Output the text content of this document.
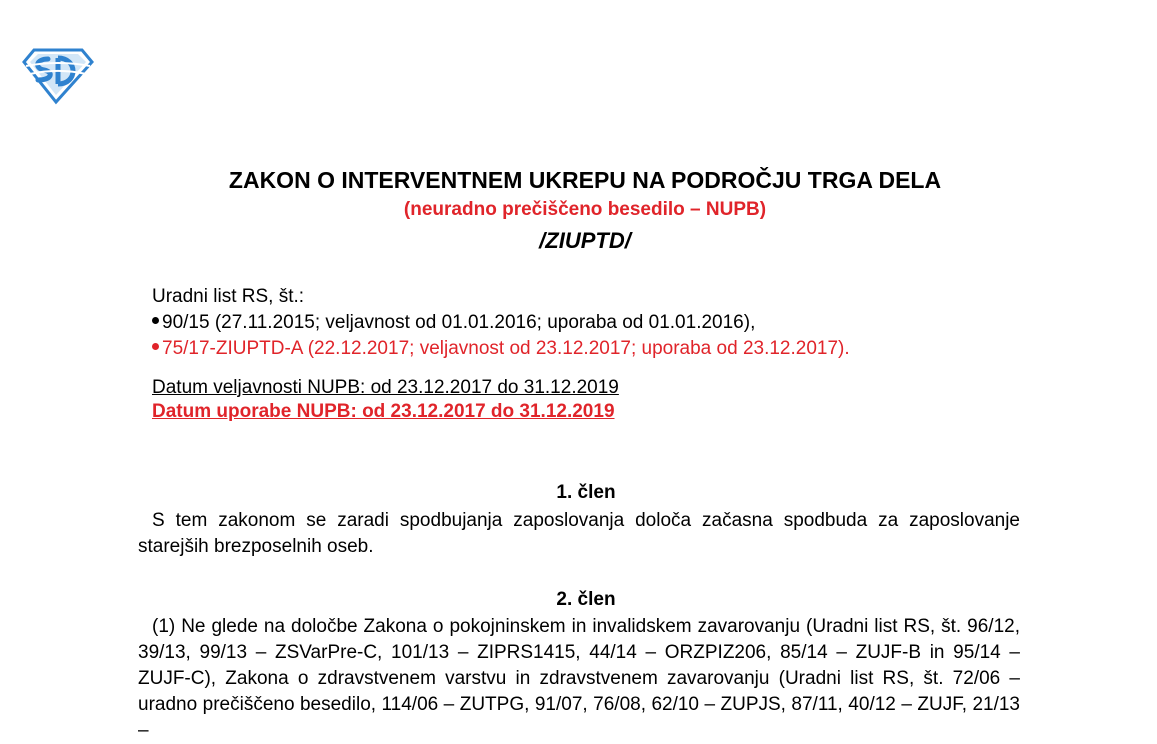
ZAKON O INTERVENTNEM UKREPU NA PODROČJU TRGA DELA
(neuradno prečiščeno besedilo – NUPB)
/ZIUPTD/
Uradni list RS, št.:
90/15 (27.11.2015; veljavnost od 01.01.2016; uporaba od 01.01.2016),
75/17-ZIUPTD-A (22.12.2017; veljavnost od 23.12.2017; uporaba od 23.12.2017).
Datum veljavnosti NUPB: od 23.12.2017 do 31.12.2019
Datum uporabe NUPB: od 23.12.2017 do 31.12.2019
1. člen
S tem zakonom se zaradi spodbujanja zaposlovanja določa začasna spodbuda za zaposlovanje starejših brezposelnih oseb.
2. člen
(1) Ne glede na določbe Zakona o pokojninskem in invalidskem zavarovanju (Uradni list RS, št. 96/12, 39/13, 99/13 – ZSVarPre-C, 101/13 – ZIPRS1415, 44/14 – ORZPIZ206, 85/14 – ZUJF-B in 95/14 – ZUJF-C), Zakona o zdravstvenem varstvu in zdravstvenem zavarovanju (Uradni list RS, št. 72/06 – uradno prečiščeno besedilo, 114/06 – ZUTPG, 91/07, 76/08, 62/10 – ZUPJS, 87/11, 40/12 – ZUJF, 21/13 –
